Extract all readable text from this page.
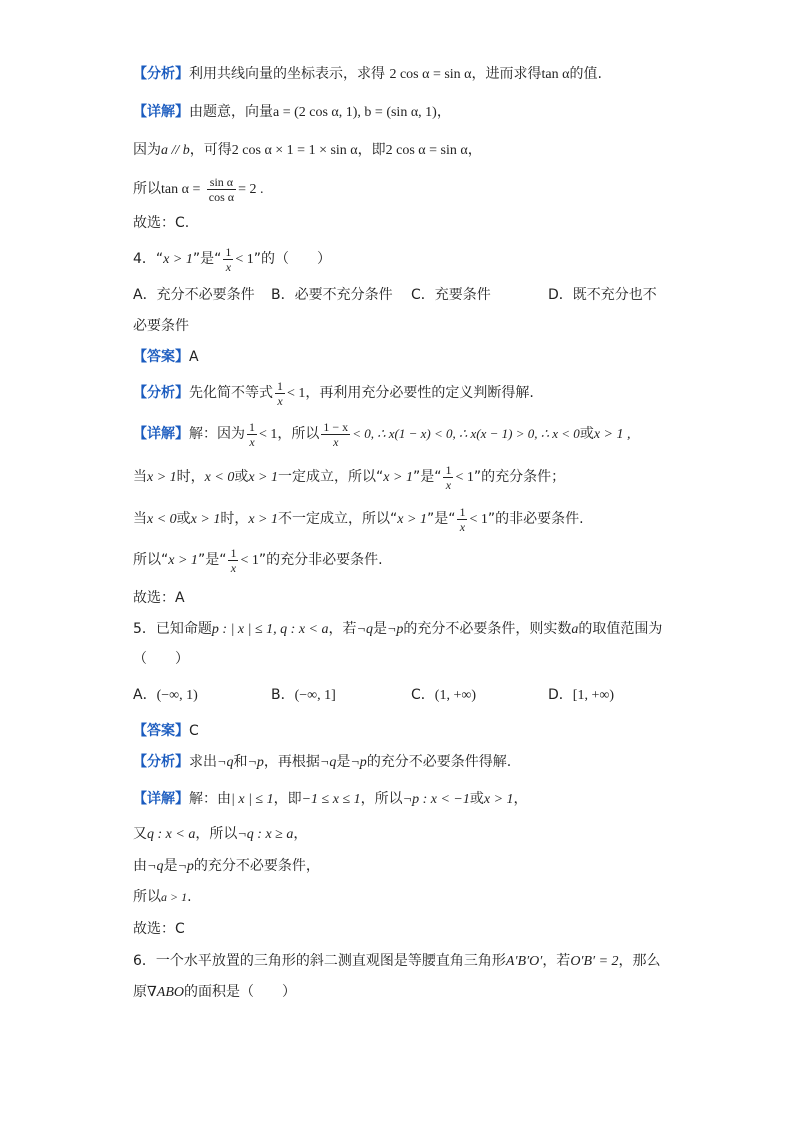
【分析】利用共线向量的坐标表示，求得 2 cos α = sin α，进而求得tan α的值.
【详解】由题意，向量a = (2 cos α, 1), b = (sin α, 1)，
因为a // b，可得2 cos α × 1 = 1 × sin α，即2 cos α = sin α，
所以$\tan \alpha = \frac{\text{sin α}}{\text{cos α}} = 2$ .
故选：C.
4．“x > 1”是“ $\frac{1}{x} < 1$”的（　　）
A．充分不必要条件 B．必要不充分条件 C．充要条件	D．既不充分也不
必要条件
【答案】A
【分析】先化简不等式 $\frac{1}{x} < 1$，再利用充分必要性的定义判断得解.
【详解】解：因为 $\frac{1}{x} < 1$，所以 $\frac{1 - x}{x} < 0$, ∴ x(1 − x) < 0, ∴ x(x − 1) > 0, ∴ x < 0或x > 1 ,
当x > 1时，x < 0或x > 1一定成立，所以“x > 1”是“ $\frac{1}{x} < 1$”的充分条件；
当x < 0或x > 1时，x > 1不一定成立，所以“x > 1”是“ $\frac{1}{x} < 1$”的非必要条件.
所以“x > 1”是“ $\frac{1}{x} < 1$”的充分非必要条件.
故选：A
5．已知命题p : | x | ≤ 1, q : x < a，若¬q是¬p的充分不必要条件，则实数a的取值范围为
（　　）
A．(−∞, 1)	B．(−∞, 1]	C．(1, +∞)	D．[1, +∞)
【答案】C
【分析】求出¬q和¬p，再根据¬q是¬p的充分不必要条件得解.
【详解】解：由| x | ≤ 1，即−1 ≤ x ≤ 1，所以¬p : x < −1或x > 1，
又q : x < a，所以¬q : x ≥ a，
由¬q是¬p的充分不必要条件，
所以a > 1.
故选：C
6．一个水平放置的三角形的斜二测直观图是等腰直角三角形A′B′O′，若O′B′ = 2，那么
原∇ABO的面积是（　　）
